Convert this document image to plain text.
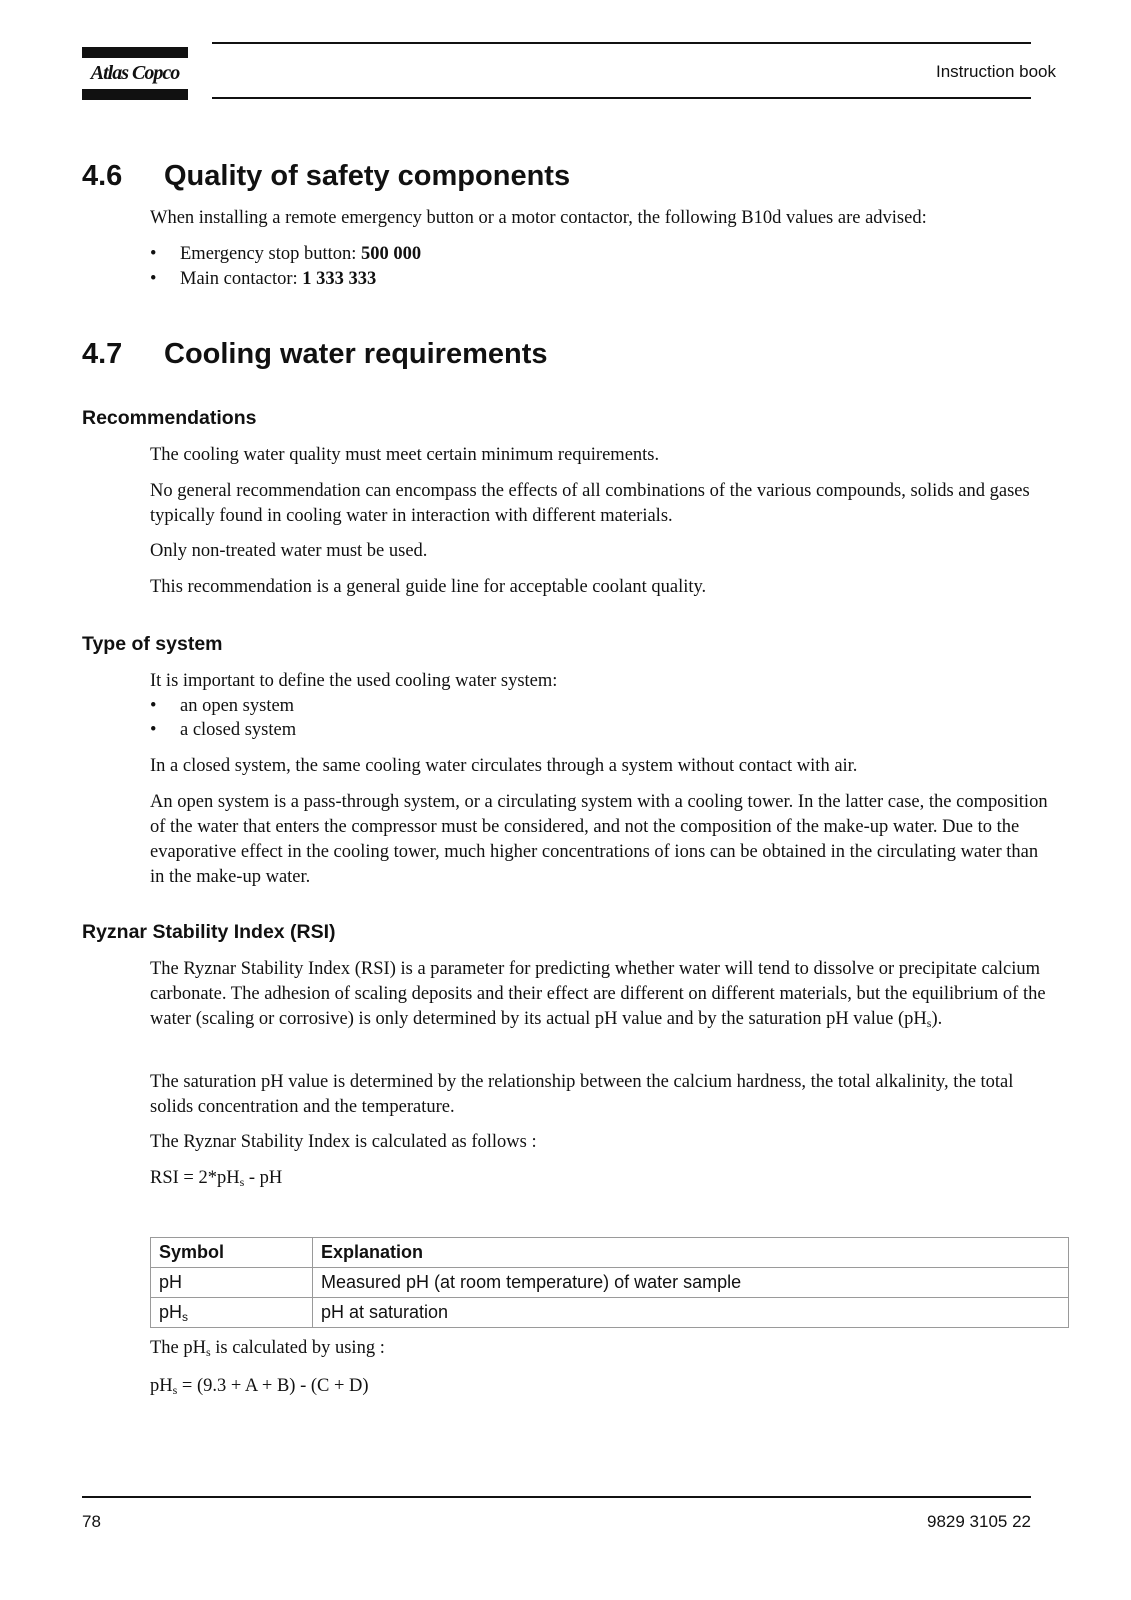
Atlas Copco	Instruction book
4.6 Quality of safety components
When installing a remote emergency button or a motor contactor, the following B10d values are advised:
• Emergency stop button: 500 000
• Main contactor: 1 333 333
4.7 Cooling water requirements
Recommendations
The cooling water quality must meet certain minimum requirements.
No general recommendation can encompass the effects of all combinations of the various compounds, solids and gases typically found in cooling water in interaction with different materials.
Only non-treated water must be used.
This recommendation is a general guide line for acceptable coolant quality.
Type of system
It is important to define the used cooling water system:
• an open system
• a closed system
In a closed system, the same cooling water circulates through a system without contact with air.
An open system is a pass-through system, or a circulating system with a cooling tower. In the latter case, the composition of the water that enters the compressor must be considered, and not the composition of the make-up water. Due to the evaporative effect in the cooling tower, much higher concentrations of ions can be obtained in the circulating water than in the make-up water.
Ryznar Stability Index (RSI)
The Ryznar Stability Index (RSI) is a parameter for predicting whether water will tend to dissolve or precipitate calcium carbonate. The adhesion of scaling deposits and their effect are different on different materials, but the equilibrium of the water (scaling or corrosive) is only determined by its actual pH value and by the saturation pH value $(pH_s)$.
The saturation pH value is determined by the relationship between the calcium hardness, the total alkalinity, the total solids concentration and the temperature.
The Ryznar Stability Index is calculated as follows :
RSI = $2*pH_s$ - pH
Symbol	Explanation
pH	Measured pH (at room temperature) of water sample
$pH_s$	pH at saturation
The $pH_s$ is calculated by using :
$pH_s = (9.3 + A + B) - (C + D)$
78	9829 3105 22
